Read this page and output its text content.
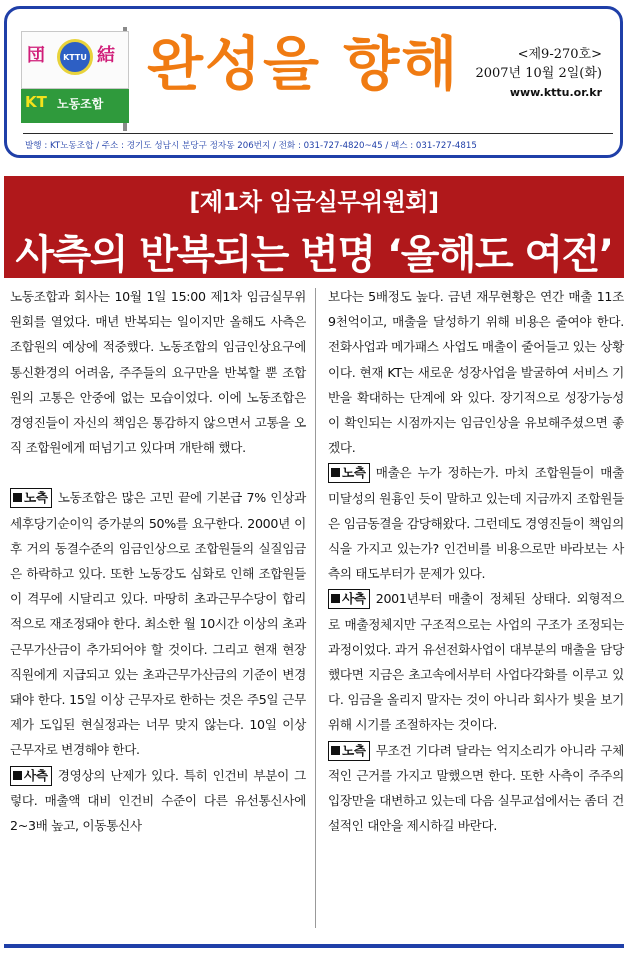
団	KTTU 結
KT 노동조합
완성을 향해	<제9-270호>
2007년 10월 2일(화)
www.kttu.or.kr
발행 : KT노동조합 / 주소 : 경기도 성남시 분당구 정자동 206번지 / 전화 : 031-727-4820~45 / 팩스 : 031-727-4815
[제1차 임금실무위원회]
사측의 반복되는 변명 ‘올해도 여전’

노동조합과 회사는 10월 1일 15:00 제1차 임금실무위원회를 열었다. 매년 반복되는 일이지만 올해도 사측은 조합원의 예상에 적중했다. 노동조합의 임금인상요구에 통신환경의 어려움, 주주들의 요구만을 반복할 뿐 조합원의 고통은 안중에 없는 모습이었다. 이에 노동조합은 경영진들이 자신의 책임은 통감하지 않으면서 고통을 오직 조합원에게 떠넘기고 있다며 개탄해 했다.

노측 노동조합은 많은 고민 끝에 기본급 7% 인상과 세후당기순이익 증가분의 50%를 요구한다. 2000년 이후 거의 동결수준의 임금인상으로 조합원들의 실질임금은 하락하고 있다. 또한 노동강도 심화로 인해 조합원들이 격무에 시달리고 있다. 마땅히 초과근무수당이 합리적으로 재조정돼야 한다. 최소한 월 10시간 이상의 초과근무가산금이 추가되어야 할 것이다. 그리고 현재 현장직원에게 지급되고 있는 초과근무가산금의 기준이 변경돼야 한다. 15일 이상 근무자로 한하는 것은 주5일 근무제가 도입된 현실정과는 너무 맞지 않는다. 10일 이상 근무자로 변경해야 한다.

사측 경영상의 난제가 있다. 특히 인건비 부분이 그렇다. 매출액 대비 인건비 수준이 다른 유선통신사에 2~3배 높고, 이동통신사

보다는 5배정도 높다. 금년 재무현황은 연간 매출 11조 9천억이고, 매출을 달성하기 위해 비용은 줄여야 한다. 전화사업과 메가패스 사업도 매출이 줄어들고 있는 상황이다. 현재 KT는 새로운 성장사업을 발굴하여 서비스 기반을 확대하는 단계에 와 있다. 장기적으로 성장가능성이 확인되는 시점까지는 임금인상을 유보해주셨으면 좋겠다.

노측 매출은 누가 정하는가. 마치 조합원들이 매출 미달성의 원흉인 듯이 말하고 있는데 지금까지 조합원들은 임금동결을 감당해왔다. 그런데도 경영진들이 책임의식을 가지고 있는가? 인건비를 비용으로만 바라보는 사측의 태도부터가 문제가 있다.

사측 2001년부터 매출이 정체된 상태다. 외형적으로 매출정체지만 구조적으로는 사업의 구조가 조정되는 과정이었다. 과거 유선전화사업이 대부분의 매출을 담당했다면 지금은 초고속에서부터 사업다각화를 이루고 있다. 임금을 올리지 말자는 것이 아니라 회사가 빛을 보기 위해 시기를 조절하자는 것이다.

노측 무조건 기다려 달라는 억지소리가 아니라 구체적인 근거를 가지고 말했으면 한다. 또한 사측이 주주의 입장만을 대변하고 있는데 다음 실무교섭에서는 좀더 건설적인 대안을 제시하길 바란다.
